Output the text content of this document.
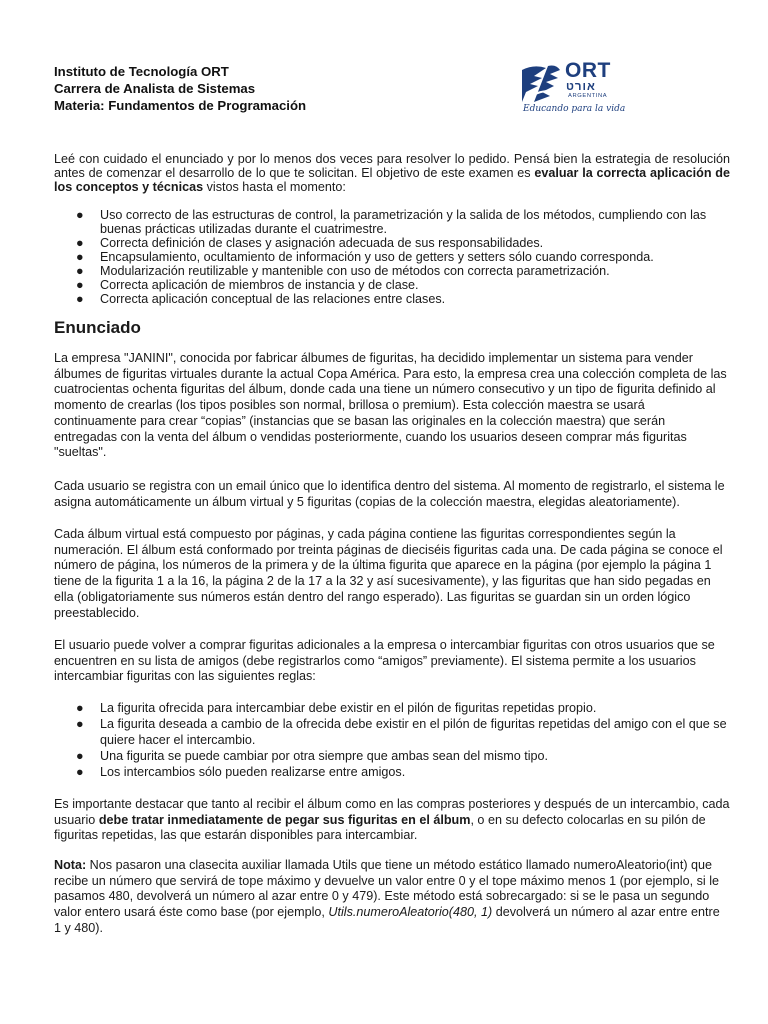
Instituto de Tecnología ORT
Carrera de Analista de Sistemas
Materia: Fundamentos de Programación
ORT
אורט
ARGENTINA
Educando para la vida

Leé con cuidado el enunciado y por lo menos dos veces para resolver lo pedido. Pensá bien la estrategia de resolución antes de comenzar el desarrollo de lo que te solicitan. El objetivo de este examen es evaluar la correcta aplicación de los conceptos y técnicas vistos hasta el momento:

● Uso correcto de las estructuras de control, la parametrización y la salida de los métodos, cumpliendo con las buenas prácticas utilizadas durante el cuatrimestre.
● Correcta definición de clases y asignación adecuada de sus responsabilidades.
● Encapsulamiento, ocultamiento de información y uso de getters y setters sólo cuando corresponda.
● Modularización reutilizable y mantenible con uso de métodos con correcta parametrización.
● Correcta aplicación de miembros de instancia y de clase.
● Correcta aplicación conceptual de las relaciones entre clases.
Enunciado

La empresa "JANINI", conocida por fabricar álbumes de figuritas, ha decidido implementar un sistema para vender álbumes de figuritas virtuales durante la actual Copa América. Para esto, la empresa crea una colección completa de las cuatrocientas ochenta figuritas del álbum, donde cada una tiene un número consecutivo y un tipo de figurita definido al momento de crearlas (los tipos posibles son normal, brillosa o premium). Esta colección maestra se usará continuamente para crear “copias” (instancias que se basan las originales en la colección maestra) que serán entregadas con la venta del álbum o vendidas posteriormente, cuando los usuarios deseen comprar más figuritas "sueltas".

Cada usuario se registra con un email único que lo identifica dentro del sistema. Al momento de registrarlo, el sistema le asigna automáticamente un álbum virtual y 5 figuritas (copias de la colección maestra, elegidas aleatoriamente).

Cada álbum virtual está compuesto por páginas, y cada página contiene las figuritas correspondientes según la numeración. El álbum está conformado por treinta páginas de dieciséis figuritas cada una. De cada página se conoce el número de página, los números de la primera y de la última figurita que aparece en la página (por ejemplo la página 1 tiene de la figurita 1 a la 16, la página 2 de la 17 a la 32 y así sucesivamente), y las figuritas que han sido pegadas en ella (obligatoriamente sus números están dentro del rango esperado). Las figuritas se guardan sin un orden lógico preestablecido.

El usuario puede volver a comprar figuritas adicionales a la empresa o intercambiar figuritas con otros usuarios que se encuentren en su lista de amigos (debe registrarlos como “amigos” previamente). El sistema permite a los usuarios intercambiar figuritas con las siguientes reglas:

● La figurita ofrecida para intercambiar debe existir en el pilón de figuritas repetidas propio.
● La figurita deseada a cambio de la ofrecida debe existir en el pilón de figuritas repetidas del amigo con el que se quiere hacer el intercambio.
● Una figurita se puede cambiar por otra siempre que ambas sean del mismo tipo.
● Los intercambios sólo pueden realizarse entre amigos.

Es importante destacar que tanto al recibir el álbum como en las compras posteriores y después de un intercambio, cada usuario debe tratar inmediatamente de pegar sus figuritas en el álbum, o en su defecto colocarlas en su pilón de figuritas repetidas, las que estarán disponibles para intercambiar.

Nota: Nos pasaron una clasecita auxiliar llamada Utils que tiene un método estático llamado numeroAleatorio(int) que recibe un número que servirá de tope máximo y devuelve un valor entre 0 y el tope máximo menos 1 (por ejemplo, si le pasamos 480, devolverá un número al azar entre 0 y 479). Este método está sobrecargado: si se le pasa un segundo valor entero usará éste como base (por ejemplo, Utils.numeroAleatorio(480, 1) devolverá un número al azar entre entre 1 y 480).
